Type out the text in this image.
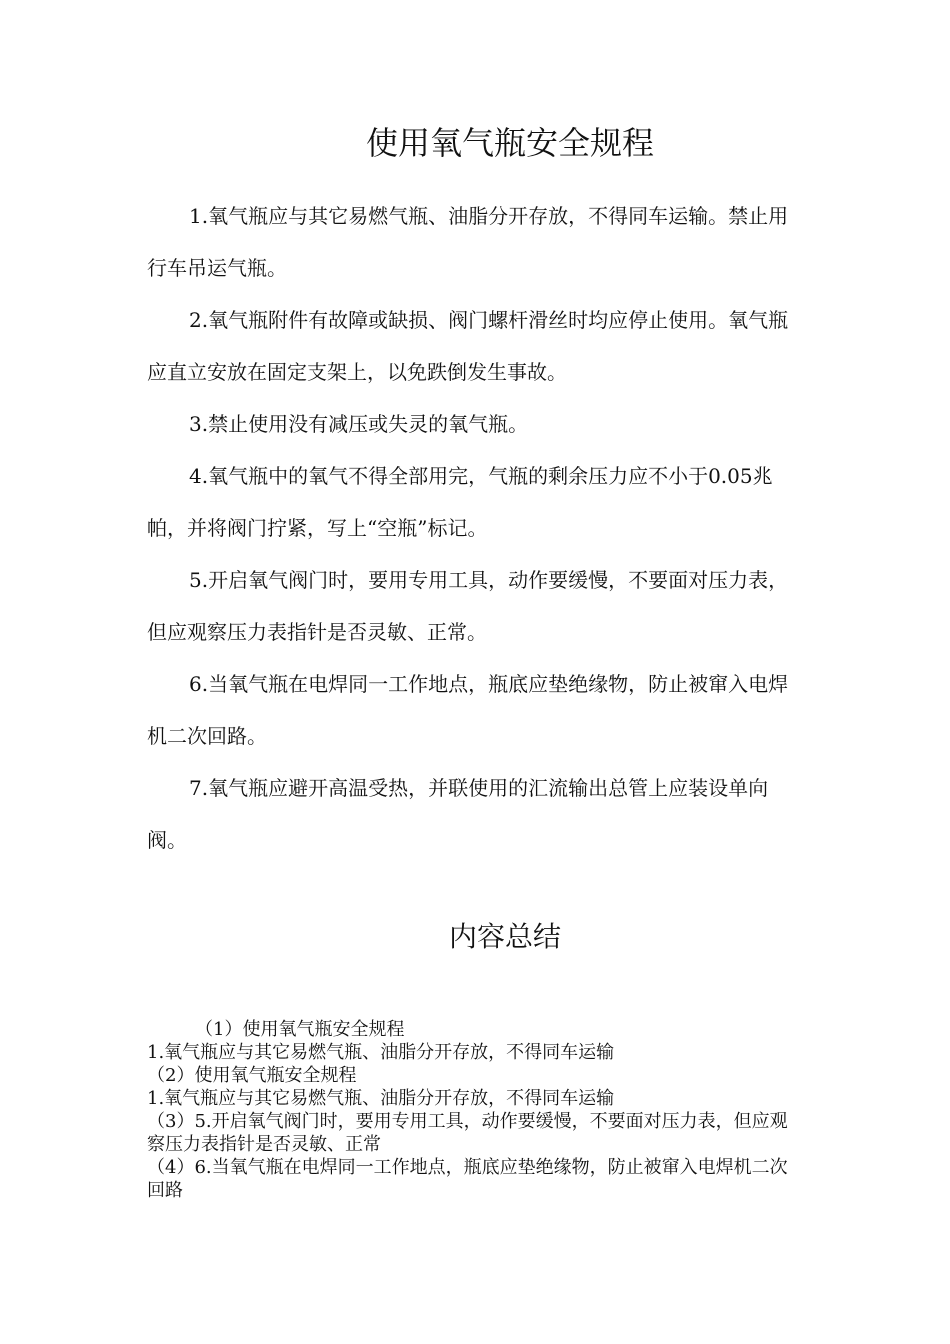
使用氧气瓶安全规程

1.氧气瓶应与其它易燃气瓶、油脂分开存放，不得同车运输。禁止用行车吊运气瓶。

2.氧气瓶附件有故障或缺损、阀门螺杆滑丝时均应停止使用。氧气瓶应直立安放在固定支架上，以免跌倒发生事故。

3.禁止使用没有减压或失灵的氧气瓶。

4.氧气瓶中的氧气不得全部用完，气瓶的剩余压力应不小于0.05兆帕，并将阀门拧紧，写上“空瓶”标记。

5.开启氧气阀门时，要用专用工具，动作要缓慢，不要面对压力表，但应观察压力表指针是否灵敏、正常。

6.当氧气瓶在电焊同一工作地点，瓶底应垫绝缘物，防止被窜入电焊机二次回路。

7.氧气瓶应避开高温受热，并联使用的汇流输出总管上应装设单向阀。

内容总结

（1）使用氧气瓶安全规程

1.氧气瓶应与其它易燃气瓶、油脂分开存放，不得同车运输

（2）使用氧气瓶安全规程

1.氧气瓶应与其它易燃气瓶、油脂分开存放，不得同车运输

（3）5.开启氧气阀门时，要用专用工具，动作要缓慢，不要面对压力表，但应观察压力表指针是否灵敏、正常

（4）6.当氧气瓶在电焊同一工作地点，瓶底应垫绝缘物，防止被窜入电焊机二次回路
